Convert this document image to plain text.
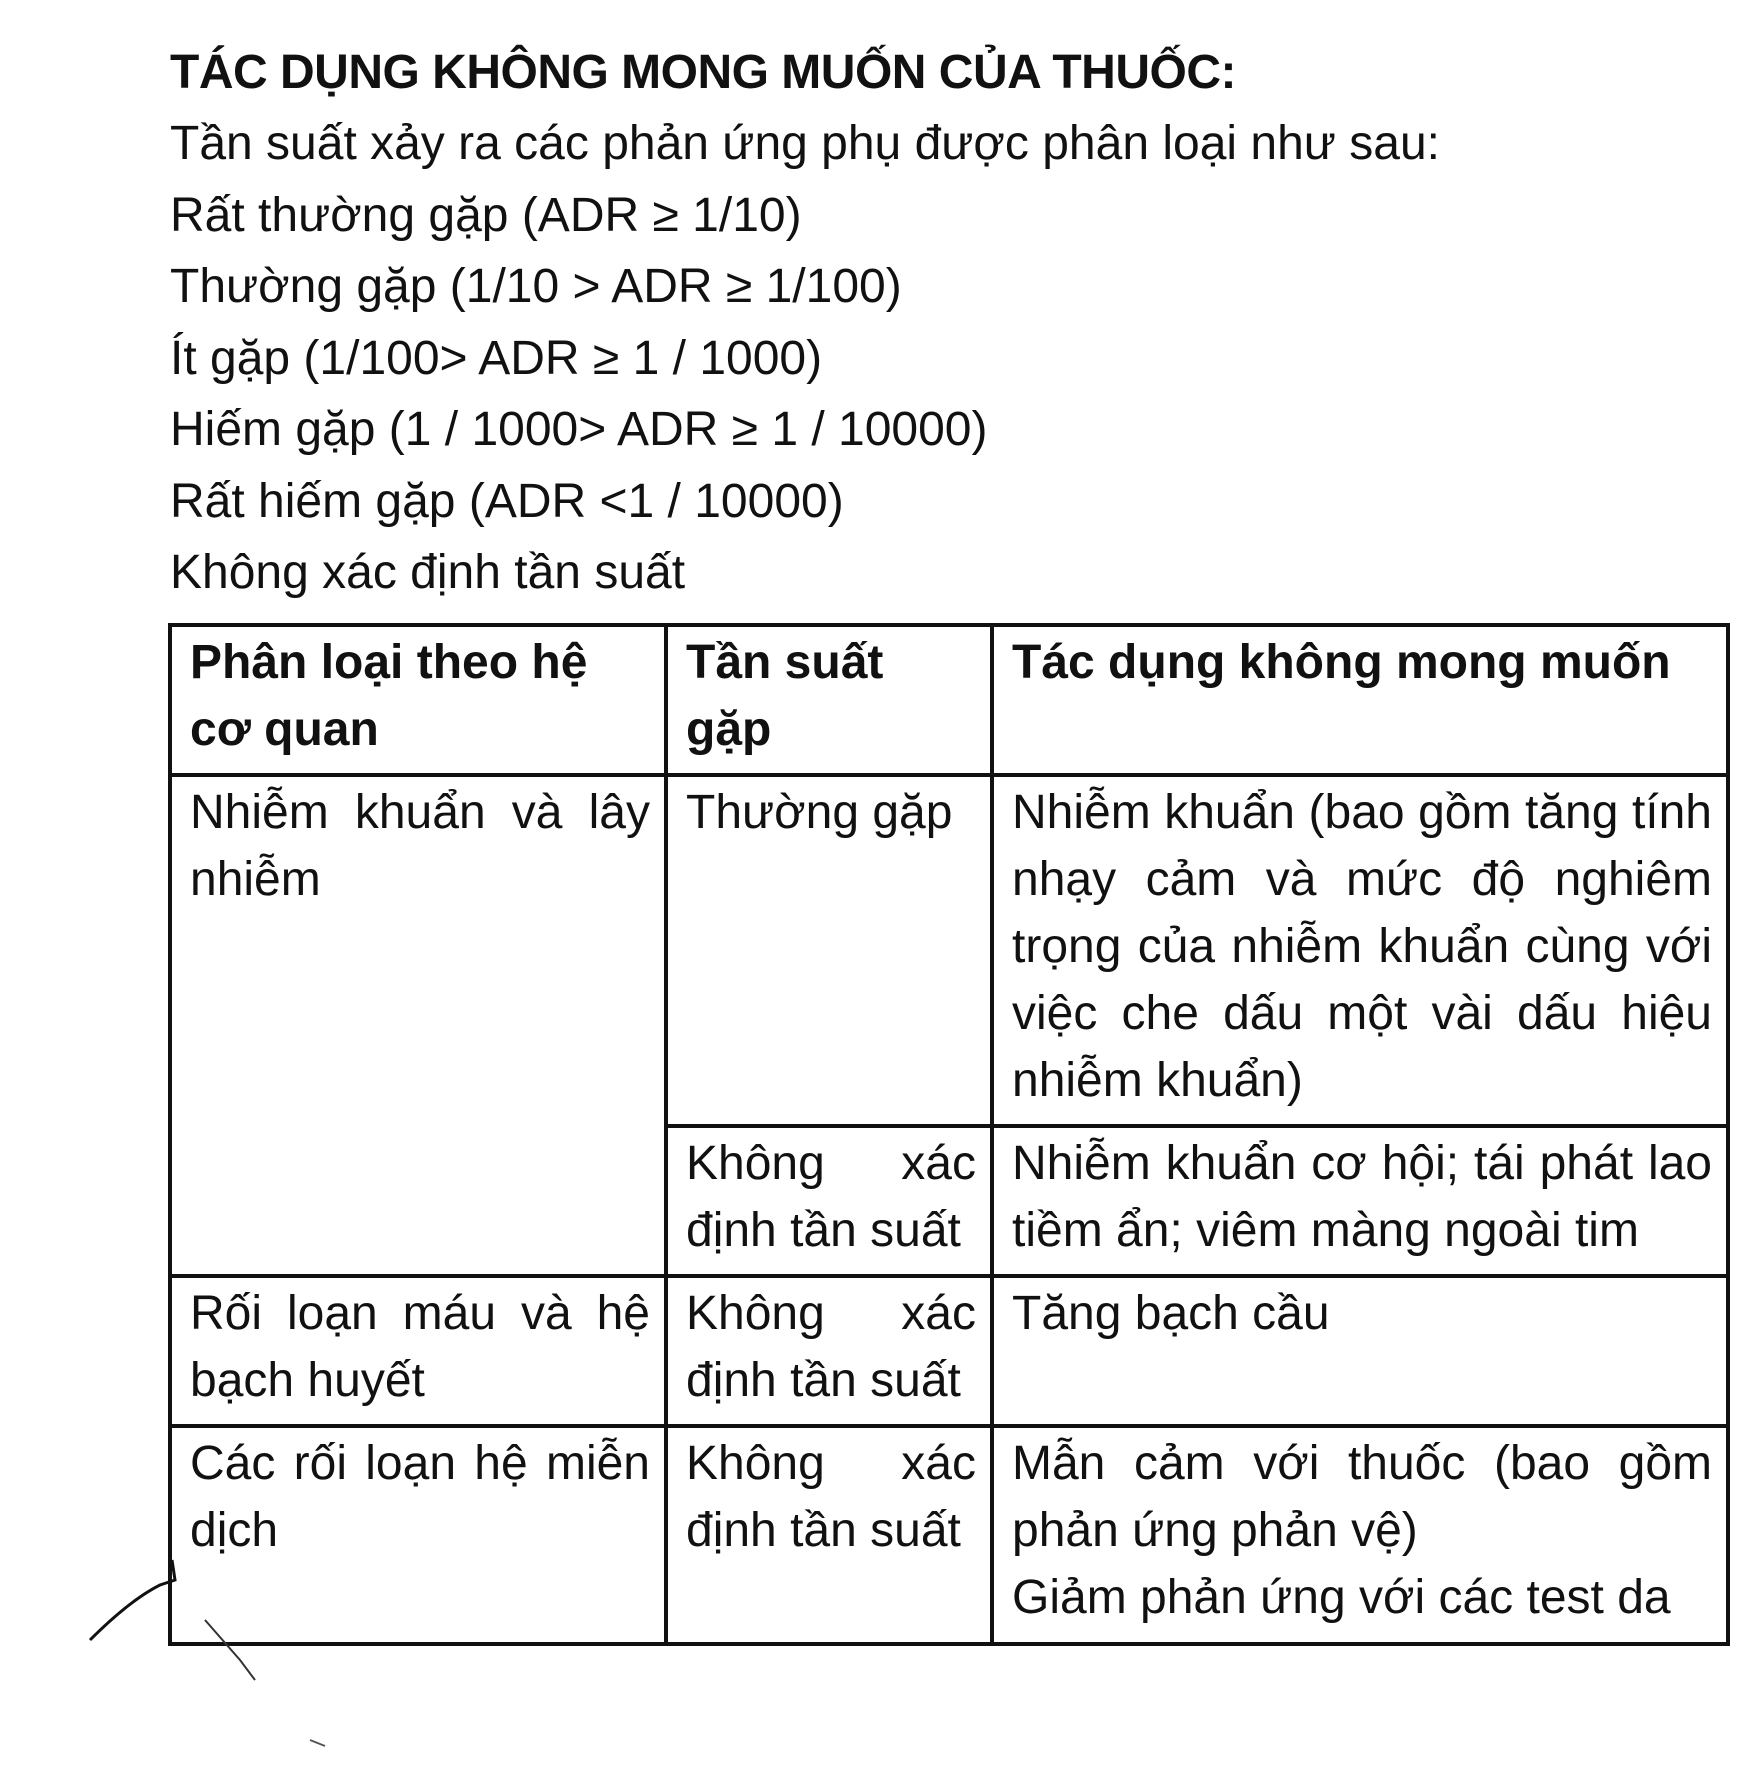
TÁC DỤNG KHÔNG MONG MUỐN CỦA THUỐC:

Tần suất xảy ra các phản ứng phụ được phân loại như sau:

Rất thường gặp (ADR ≥ 1/10)

Thường gặp (1/10 > ADR ≥ 1/100)

Ít gặp (1/100> ADR ≥ 1 / 1000)

Hiếm gặp (1 / 1000> ADR ≥ 1 / 10000)

Rất hiếm gặp (ADR <1 / 10000)

Không xác định tần suất

Phân loại theo hệ cơ quan	Tần suất gặp	Tác dụng không mong muốn
Nhiễm khuẩn và lây nhiễm	Thường gặp	Nhiễm khuẩn (bao gồm tăng tính nhạy cảm và mức độ nghiêm trọng của nhiễm khuẩn cùng với việc che dấu một vài dấu hiệu nhiễm khuẩn)
	Không xác định tần suất	Nhiễm khuẩn cơ hội; tái phát lao tiềm ẩn; viêm màng ngoài tim
Rối loạn máu và hệ bạch huyết	Không xác định tần suất	Tăng bạch cầu
Các rối loạn hệ miễn dịch	Không xác định tần suất	Mẫn cảm với thuốc (bao gồm phản ứng phản vệ)
Giảm phản ứng với các test da
